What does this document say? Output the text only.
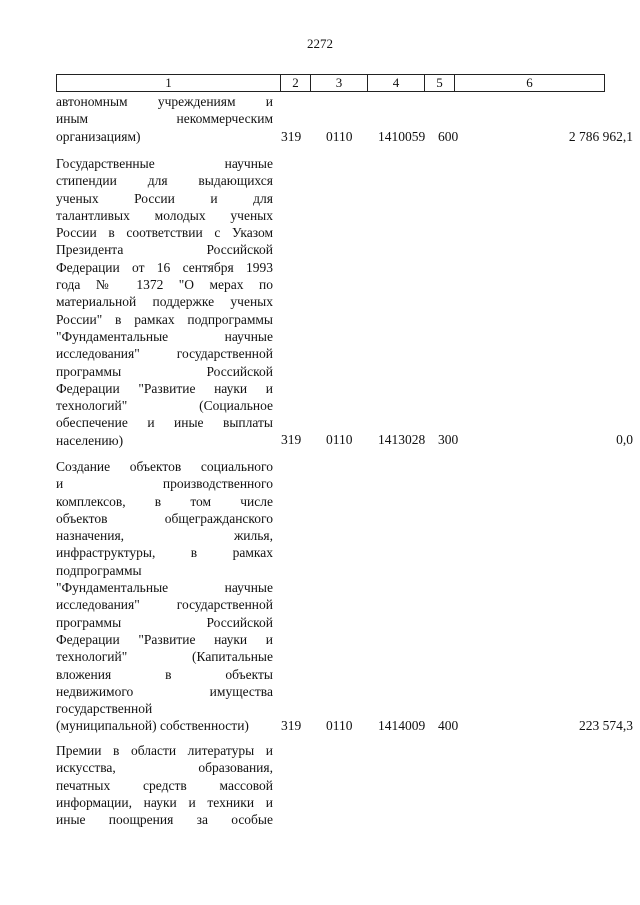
2272
1	2	3	4	5	6
автономным учреждениям и
иным некоммерческим
организациям)	319 0110 1410059 600	2 786 962,1
Государственные научные
стипендии для выдающихся
ученых России и для
талантливых молодых ученых
России в соответствии с Указом
Президента Российской
Федерации от 16 сентября 1993
года № 1372 "О мерах по
материальной поддержке ученых
России" в рамках подпрограммы
"Фундаментальные научные
исследования" государственной
программы Российской
Федерации "Развитие науки и
технологий" (Социальное
обеспечение и иные выплаты
населению)	319 0110 1413028 300	0,0
Создание объектов социального
и производственного
комплексов, в том числе
объектов общегражданского
назначения, жилья,
инфраструктуры, в рамках
подпрограммы
"Фундаментальные научные
исследования" государственной
программы Российской
Федерации "Развитие науки и
технологий" (Капитальные
вложения в объекты
недвижимого имущества
государственной
(муниципальной) собственности)	319 0110 1414009 400	223 574,3
Премии в области литературы и
искусства, образования,
печатных средств массовой
информации, науки и техники и
иные поощрения за особые
